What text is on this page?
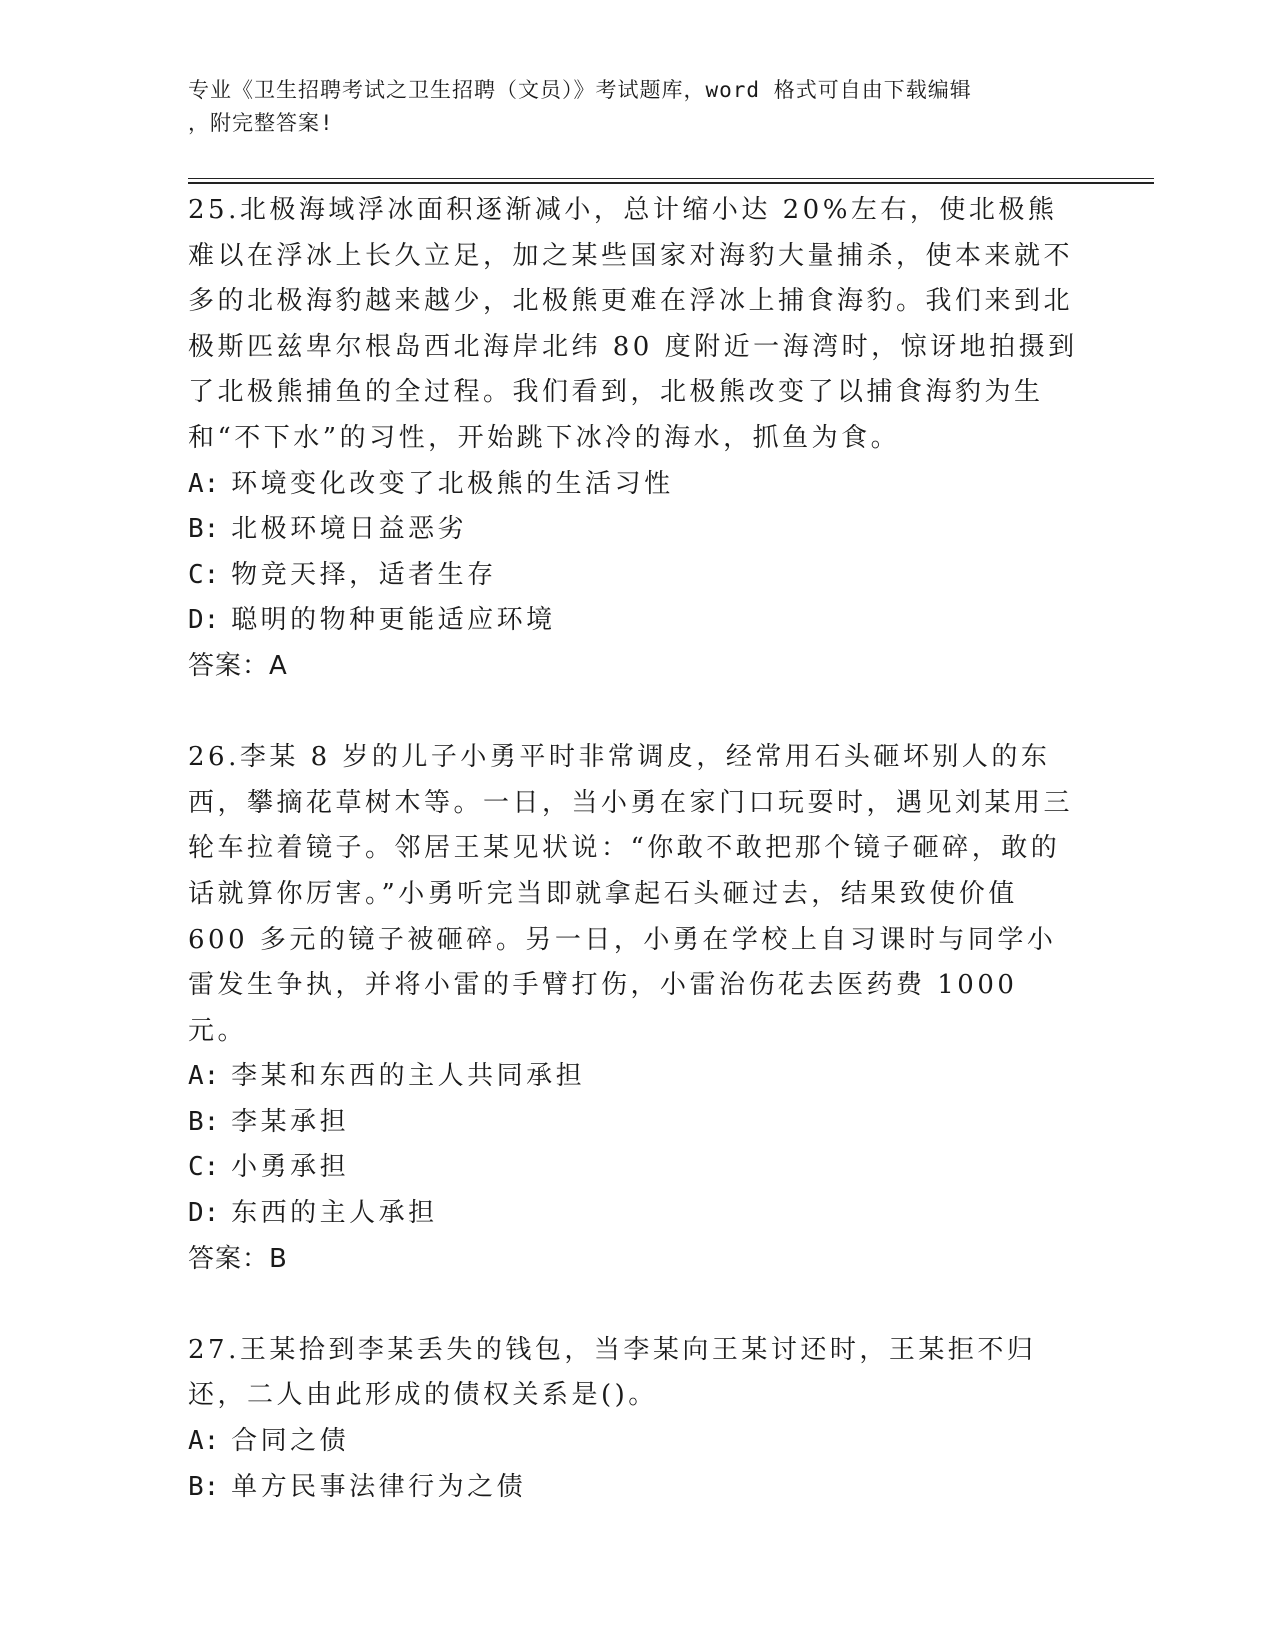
专业《卫生招聘考试之卫生招聘（文员）》考试题库，word 格式可自由下载编辑
，附完整答案!

25.北极海域浮冰面积逐渐减小，总计缩小达 20%左右，使北极熊难以在浮冰上长久立足，加之某些国家对海豹大量捕杀，使本来就不多的北极海豹越来越少，北极熊更难在浮冰上捕食海豹。我们来到北极斯匹兹卑尔根岛西北海岸北纬 80 度附近一海湾时，惊讶地拍摄到了北极熊捕鱼的全过程。我们看到，北极熊改变了以捕食海豹为生和“不下水”的习性，开始跳下冰冷的海水，抓鱼为食。

A: 环境变化改变了北极熊的生活习性
B: 北极环境日益恶劣
C: 物竞天择，适者生存
D: 聪明的物种更能适应环境
答案：A

26.李某 8 岁的儿子小勇平时非常调皮，经常用石头砸坏别人的东西，攀摘花草树木等。一日，当小勇在家门口玩耍时，遇见刘某用三轮车拉着镜子。邻居王某见状说：“你敢不敢把那个镜子砸碎，敢的话就算你厉害。”小勇听完当即就拿起石头砸过去，结果致使价值 600 多元的镜子被砸碎。另一日，小勇在学校上自习课时与同学小雷发生争执，并将小雷的手臂打伤，小雷治伤花去医药费 1000 元。

A: 李某和东西的主人共同承担
B: 李某承担
C: 小勇承担
D: 东西的主人承担
答案：B

27.王某拾到李某丢失的钱包，当李某向王某讨还时，王某拒不归还，二人由此形成的债权关系是()。

A: 合同之债
B: 单方民事法律行为之债
